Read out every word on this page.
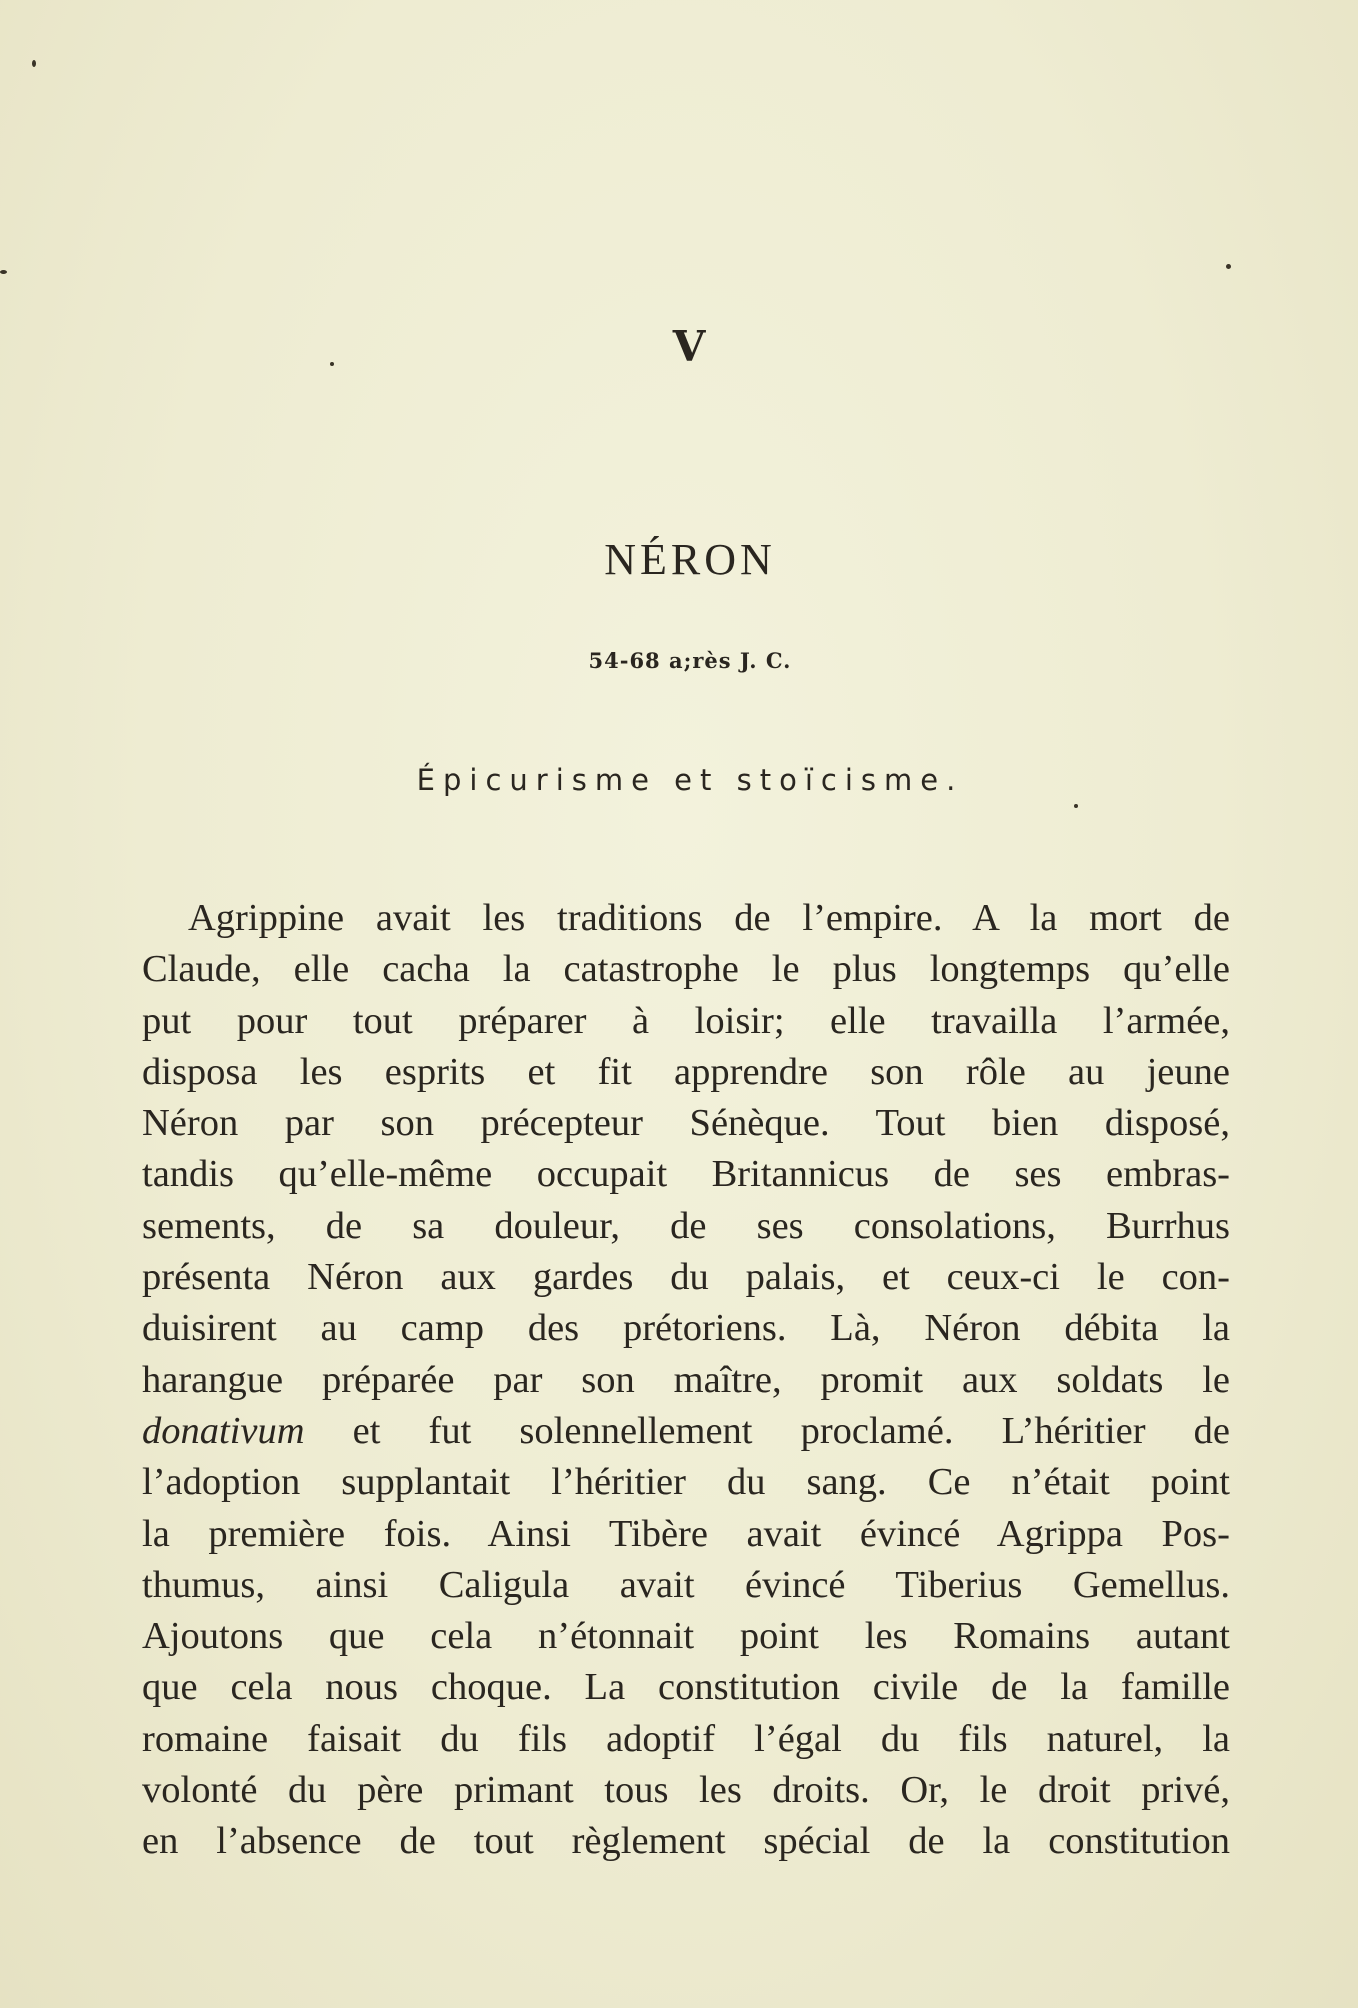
V
NÉRON
54-68 a;rès J. C.
Épicurisme et stoïcisme.
Agrippine avait les traditions de l’empire. A la mort de
Claude, elle cacha la catastrophe le plus longtemps qu’elle
put pour tout préparer à loisir; elle travailla l’armée,
disposa les esprits et fit apprendre son rôle au jeune
Néron par son précepteur Sénèque. Tout bien disposé,
tandis qu’elle-même occupait Britannicus de ses embras-
sements, de sa douleur, de ses consolations, Burrhus
présenta Néron aux gardes du palais, et ceux-ci le con-
duisirent au camp des prétoriens. Là, Néron débita la
harangue préparée par son maître, promit aux soldats le
donativum et fut solennellement proclamé. L’héritier de
l’adoption supplantait l’héritier du sang. Ce n’était point
la première fois. Ainsi Tibère avait évincé Agrippa Pos-
thumus, ainsi Caligula avait évincé Tiberius Gemellus.
Ajoutons que cela n’étonnait point les Romains autant
que cela nous choque. La constitution civile de la famille
romaine faisait du fils adoptif l’égal du fils naturel, la
volonté du père primant tous les droits. Or, le droit privé,
en l’absence de tout règlement spécial de la constitution
